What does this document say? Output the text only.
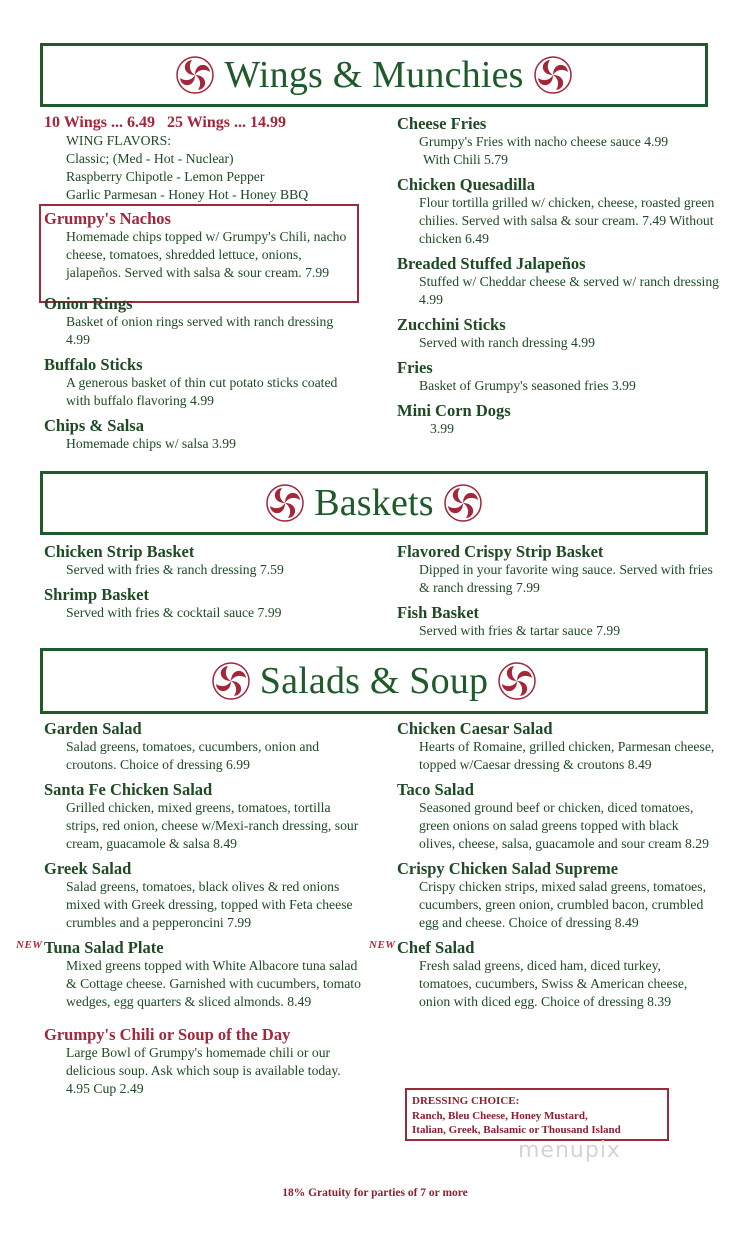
Wings & Munchies
10 Wings ... 6.49   25 Wings ... 14.99
WING FLAVORS:
Classic; (Med - Hot - Nuclear)
Raspberry Chipotle - Lemon Pepper
Garlic Parmesan - Honey Hot - Honey BBQ
Grumpy's Nachos
Homemade chips topped w/ Grumpy's Chili, nacho cheese, tomatoes, shredded lettuce, onions, jalapeños. Served with salsa & sour cream. 7.99
Onion Rings
Basket of onion rings served with ranch dressing 4.99
Buffalo Sticks
A generous basket of thin cut potato sticks coated with buffalo flavoring 4.99
Chips & Salsa
Homemade chips w/ salsa 3.99
Cheese Fries
Grumpy's Fries with nacho cheese sauce 4.99
With Chili 5.79
Chicken Quesadilla
Flour tortilla grilled w/ chicken, cheese, roasted green chilies. Served with salsa & sour cream. 7.49 Without chicken 6.49
Breaded Stuffed Jalapeños
Stuffed w/ Cheddar cheese & served w/ ranch dressing 4.99
Zucchini Sticks
Served with ranch dressing 4.99
Fries
Basket of Grumpy's seasoned fries 3.99
Mini Corn Dogs
3.99
Baskets
Chicken Strip Basket
Served with fries & ranch dressing 7.59
Shrimp Basket
Served with fries & cocktail sauce 7.99
Flavored Crispy Strip Basket
Dipped in your favorite wing sauce. Served with fries & ranch dressing 7.99
Fish Basket
Served with fries & tartar sauce 7.99
Salads & Soup
Garden Salad
Salad greens, tomatoes, cucumbers, onion and croutons. Choice of dressing 6.99
Santa Fe Chicken Salad
Grilled chicken, mixed greens, tomatoes, tortilla strips, red onion, cheese w/Mexi-ranch dressing, sour cream, guacamole & salsa 8.49
Greek Salad
Salad greens, tomatoes, black olives & red onions mixed with Greek dressing, topped with Feta cheese crumbles and a pepperoncini 7.99
NEW Tuna Salad Plate
Mixed greens topped with White Albacore tuna salad & Cottage cheese. Garnished with cucumbers, tomato wedges, egg quarters & sliced almonds. 8.49
Grumpy's Chili or Soup of the Day
Large Bowl of Grumpy's homemade chili or our delicious soup. Ask which soup is available today. 4.95 Cup 2.49
Chicken Caesar Salad
Hearts of Romaine, grilled chicken, Parmesan cheese, topped w/Caesar dressing & croutons 8.49
Taco Salad
Seasoned ground beef or chicken, diced tomatoes, green onions on salad greens topped with black olives, cheese, salsa, guacamole and sour cream 8.29
Crispy Chicken Salad Supreme
Crispy chicken strips, mixed salad greens, tomatoes, cucumbers, green onion, crumbled bacon, crumbled egg and cheese. Choice of dressing 8.49
NEW Chef Salad
Fresh salad greens, diced ham, diced turkey, tomatoes, cucumbers, Swiss & American cheese, onion with diced egg. Choice of dressing 8.39
DRESSING CHOICE:
Ranch, Bleu Cheese, Honey Mustard,
Italian, Greek, Balsamic or Thousand Island
menupix
18% Gratuity for parties of 7 or more
